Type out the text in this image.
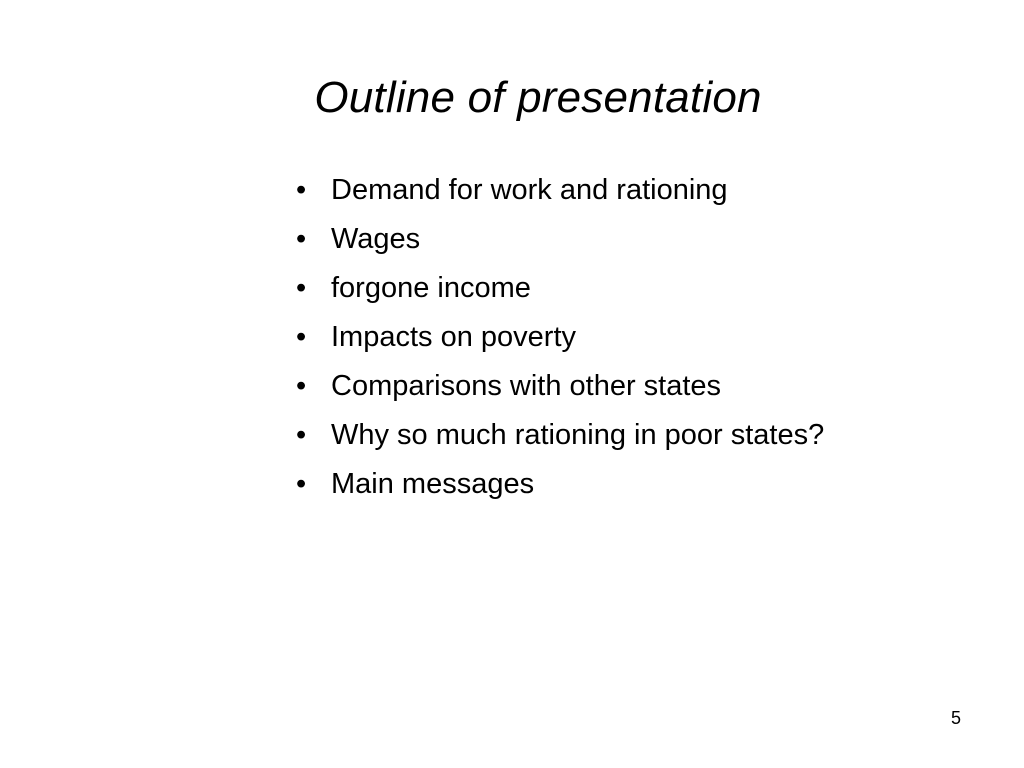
Outline of presentation
• Demand for work and rationing
• Wages
• forgone income
• Impacts on poverty
• Comparisons with other states
• Why so much rationing in poor states?
• Main messages
5
